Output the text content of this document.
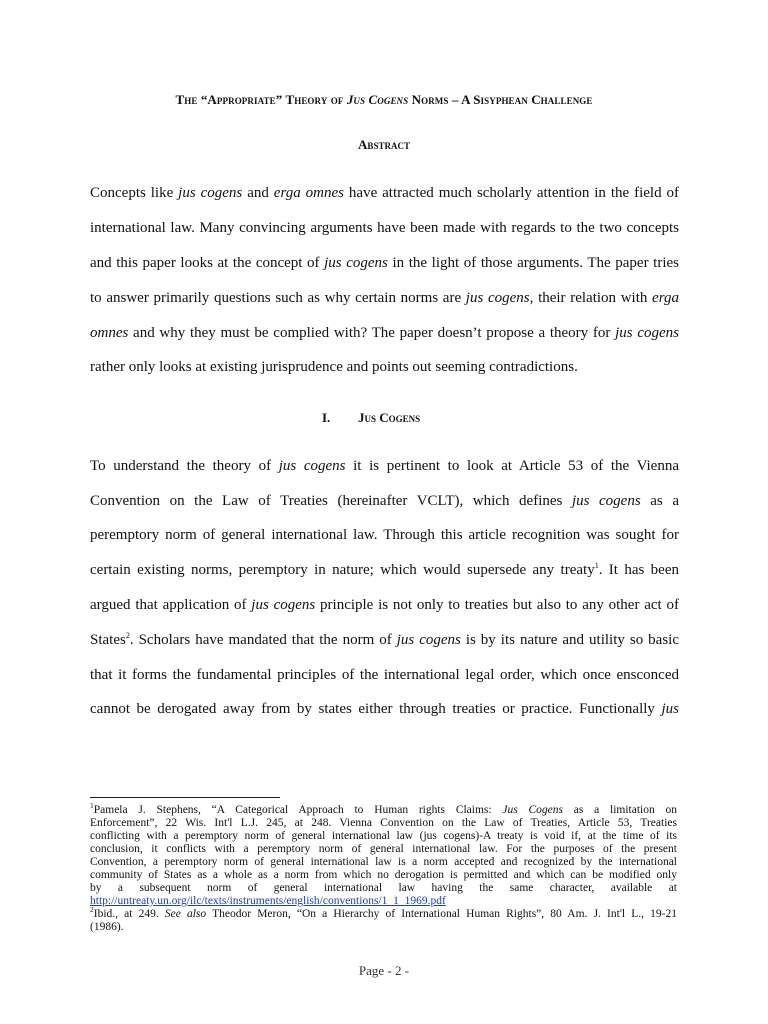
The “Appropriate” Theory of Jus Cogens Norms – A Sisyphean Challenge
Abstract
Concepts like jus cogens and erga omnes have attracted much scholarly attention in the field of
international law. Many convincing arguments have been made with regards to the two concepts
and this paper looks at the concept of jus cogens in the light of those arguments. The paper tries
to answer primarily questions such as why certain norms are jus cogens, their relation with erga
omnes and why they must be complied with? The paper doesn’t propose a theory for jus cogens
rather only looks at existing jurisprudence and points out seeming contradictions.
I. Jus Cogens
To understand the theory of jus cogens it is pertinent to look at Article 53 of the Vienna
Convention on the Law of Treaties (hereinafter VCLT), which defines jus cogens as a
peremptory norm of general international law. Through this article recognition was sought for
certain existing norms, peremptory in nature; which would supersede any treaty$^1$. It has been
argued that application of jus cogens principle is not only to treaties but also to any other act of
States$^2$. Scholars have mandated that the norm of jus cogens is by its nature and utility so basic
that it forms the fundamental principles of the international legal order, which once ensconced
cannot be derogated away from by states either through treaties or practice. Functionally jus
$^1$Pamela J. Stephens, “A Categorical Approach to Human rights Claims: Jus Cogens as a limitation on
Enforcement”, 22 Wis. Int'l L.J. 245, at 248. Vienna Convention on the Law of Treaties, Article 53, Treaties
conflicting with a peremptory norm of general international law (jus cogens)-A treaty is void if, at the time of its
conclusion, it conflicts with a peremptory norm of general international law. For the purposes of the present
Convention, a peremptory norm of general international law is a norm accepted and recognized by the international
community of States as a whole as a norm from which no derogation is permitted and which can be modified only
by a subsequent norm of general international law having the same character, available at
http://untreaty.un.org/ilc/texts/instruments/english/conventions/1_1_1969.pdf
$^2$Ibid., at 249. See also Theodor Meron, “On a Hierarchy of International Human Rights”, 80 Am. J. Int'l L., 19-21
(1986).
Page - 2 -
